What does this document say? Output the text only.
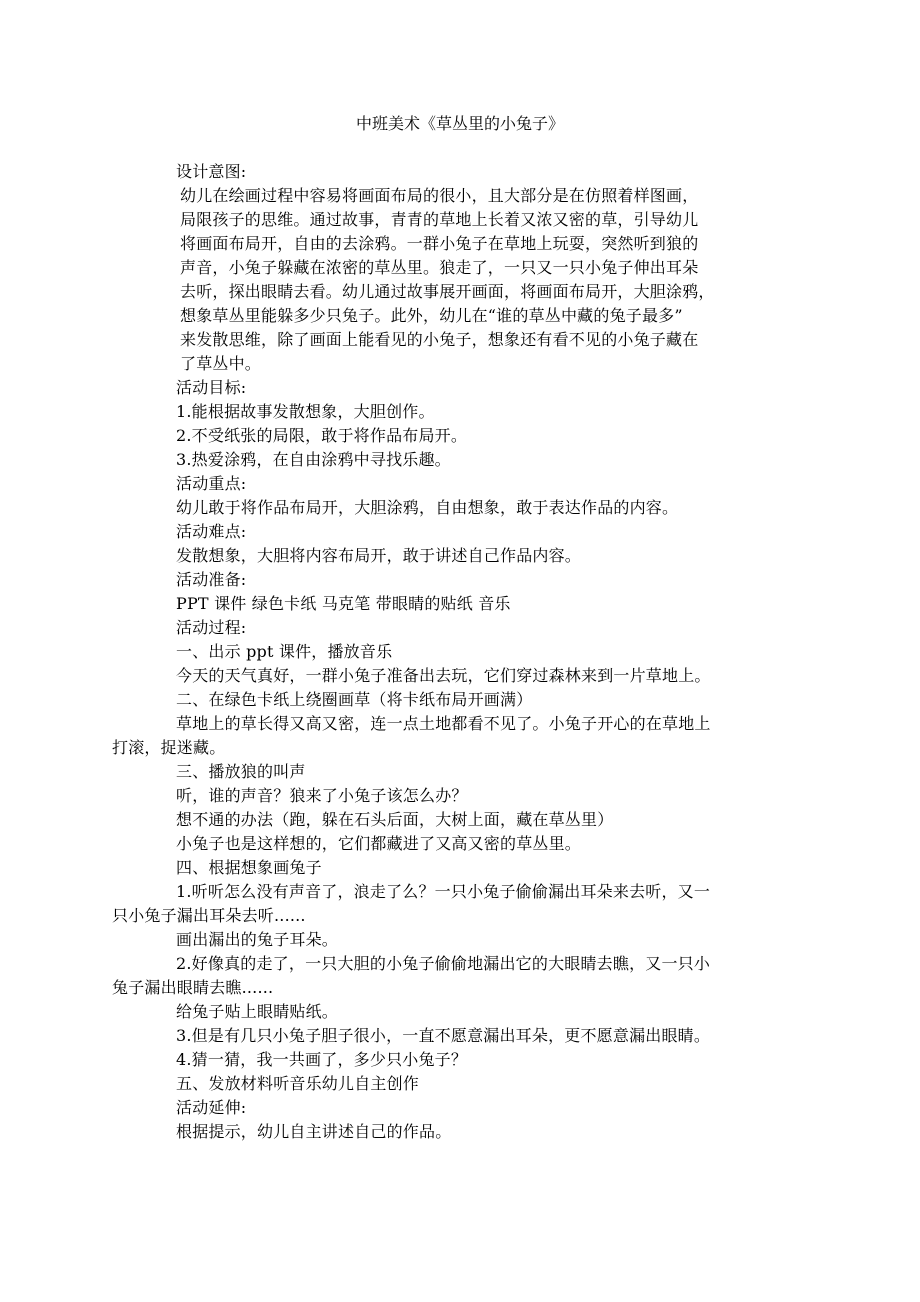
中班美术《草丛里的小兔子》
设计意图:
幼儿在绘画过程中容易将画面布局的很小，且大部分是在仿照着样图画，
局限孩子的思维。通过故事，青青的草地上长着又浓又密的草，引导幼儿
将画面布局开，自由的去涂鸦。一群小兔子在草地上玩耍，突然听到狼的
声音，小兔子躲藏在浓密的草丛里。狼走了，一只又一只小兔子伸出耳朵
去听，探出眼睛去看。幼儿通过故事展开画面，将画面布局开，大胆涂鸦，
想象草丛里能躲多少只兔子。此外，幼儿在“谁的草丛中藏的兔子最多”
来发散思维，除了画面上能看见的小兔子，想象还有看不见的小兔子藏在
了草丛中。
活动目标:
1.能根据故事发散想象，大胆创作。
2.不受纸张的局限，敢于将作品布局开。
3.热爱涂鸦，在自由涂鸦中寻找乐趣。
活动重点:
幼儿敢于将作品布局开，大胆涂鸦，自由想象，敢于表达作品的内容。
活动难点:
发散想象，大胆将内容布局开，敢于讲述自己作品内容。
活动准备:
PPT 课件 绿色卡纸 马克笔 带眼睛的贴纸 音乐
活动过程:
一、出示 ppt 课件，播放音乐
今天的天气真好，一群小兔子准备出去玩，它们穿过森林来到一片草地上。
二、在绿色卡纸上绕圈画草（将卡纸布局开画满）
草地上的草长得又高又密，连一点土地都看不见了。小兔子开心的在草地上
打滚，捉迷藏。
三、播放狼的叫声
听，谁的声音？狼来了小兔子该怎么办？
想不通的办法（跑，躲在石头后面，大树上面，藏在草丛里）
小兔子也是这样想的，它们都藏进了又高又密的草丛里。
四、根据想象画兔子
1.听听怎么没有声音了，浪走了么？一只小兔子偷偷漏出耳朵来去听，又一
只小兔子漏出耳朵去听......
画出漏出的兔子耳朵。
2.好像真的走了，一只大胆的小兔子偷偷地漏出它的大眼睛去瞧，又一只小
兔子漏出眼睛去瞧......
给兔子贴上眼睛贴纸。
3.但是有几只小兔子胆子很小，一直不愿意漏出耳朵，更不愿意漏出眼睛。
4.猜一猜，我一共画了，多少只小兔子？
五、发放材料听音乐幼儿自主创作
活动延伸:
根据提示，幼儿自主讲述自己的作品。
